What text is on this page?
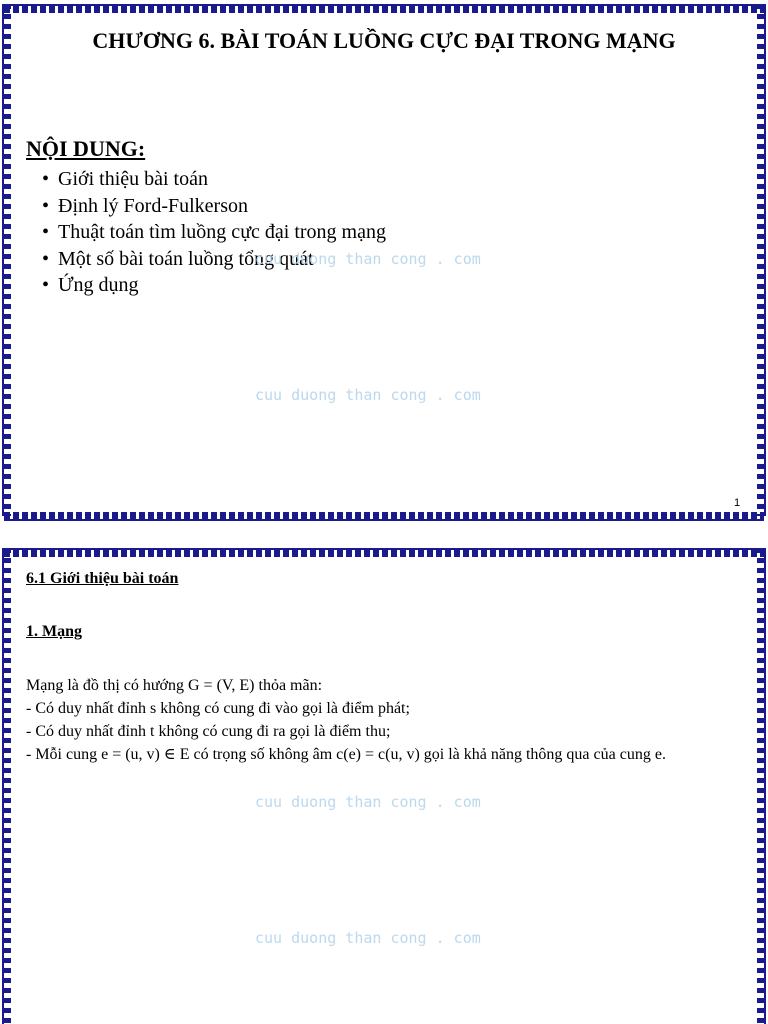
CHƯƠNG 6. BÀI TOÁN LUỒNG CỰC ĐẠI TRONG MẠNG
NỘI DUNG:
• Giới thiệu bài toán
• Định lý Ford-Fulkerson
• Thuật toán tìm luồng cực đại trong mạng
• Một số bài toán luồng tổng quát
• Ứng dụng
cuu duong than cong . com
cuu duong than cong . com
1
6.1 Giới thiệu bài toán
1. Mạng

Mạng là đồ thị có hướng G = (V, E) thỏa mãn:

- Có duy nhất đỉnh s không có cung đi vào gọi là điểm phát;

- Có duy nhất đỉnh t không có cung đi ra gọi là điểm thu;

- Mỗi cung e = (u, v) ∈ E có trọng số không âm c(e) = c(u, v) gọi là khả năng thông qua của cung e.

cuu duong than cong . com
cuu duong than cong . com
